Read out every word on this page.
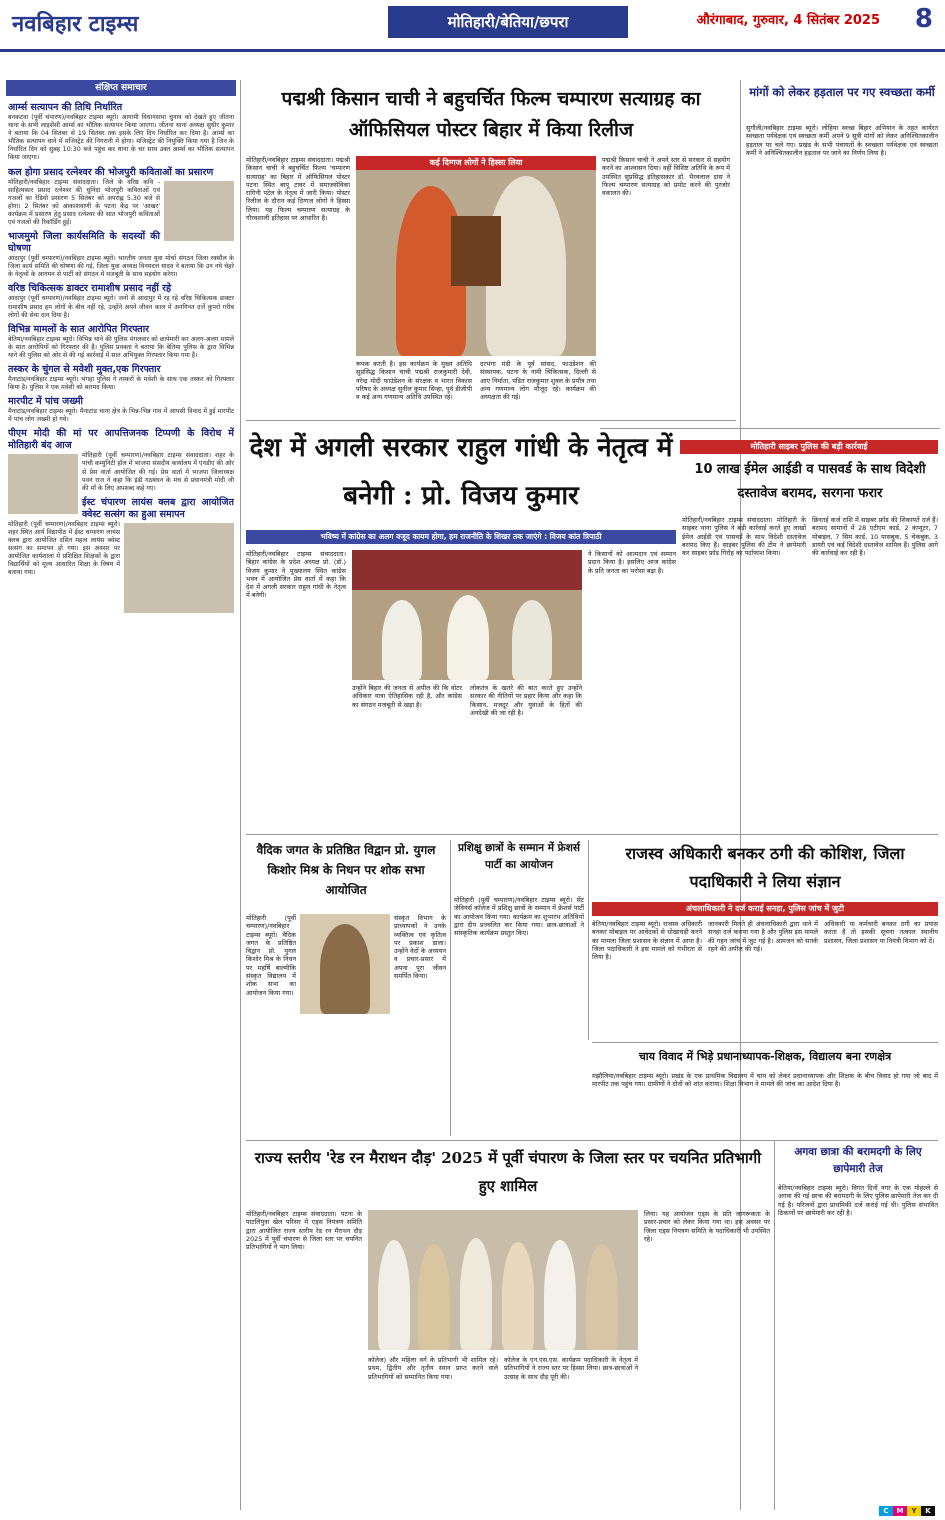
नवबिहार टाइम्स	मोतिहारी/बेतिया/छपरा	औरंगाबाद, गुरुवार, 4 सितंबर 2025 8
संक्षिप्त समाचार
आर्म्स सत्यापन की तिथि निर्धारित
बनकटवा (पूर्वी चंपारण)/नवबिहार टाइम्स ब्यूरो। आगामी विधानसभा चुनाव को देखते हुए जीतना थाना के सभी लाइसेंसी आर्म्स का भौतिक सत्यापन किया जाएगा। जीतना थाना अध्यक्ष सुधीर कुमार ने बताया कि 04 सितंबर से 19 सितंबर तक इसके लिए दिन निर्धारित कर दिया है। आर्म्स का भौतिक सत्यापन थाने में मजिस्ट्रेट की निगरानी में होगा। मजिस्ट्रेट की नियुक्ति किया गया है जिन के निर्धारित दिन को सुबह 10:30 बजे पहुंच कर थाना के चर साथ उक्त आर्म्स का भौतिक सत्यापन किया जाएगा।
कल होगा प्रसाद रत्नेश्वर की भोजपुरी कविताओं का प्रसारण
मोतिहारी/नवबिहार टाइम्स संवाददाता। जिले के वरिष्ठ कवि - साहित्यकार प्रसाद रत्नेश्वर की चुनिंदा भोजपुरी कविताओं एवं गजलों का रेडियो प्रसारण 5 सितंबर को अपराह्न 5.30 बजे से होगा। 2 सितंबर को आकाशवाणी के पटना केंद्र पर 'आखर' कार्यक्रम में प्रसारण हेतु प्रसाद रत्नेश्वर की सात भोजपुरी कविताओं एवं गजलों की रिकॉर्डिंग हुई।
भाजमुमो जिला कार्यसमिति के सदस्यों की घोषणा
आदापुर (पूर्वी चम्पारण)/नवबिहार टाइम्स ब्यूरो। भारतीय जनता युवा मोर्चा संगठन जिला रक्सौल के जिला कार्य समिति की घोषणा की गई, जिला युवा अध्यक्ष विनयदत्त यादव ने बताया कि उन नये चेहरे के नेतृत्वों के आगमन से पार्टी को संगठन में मजबूती के साथ सहयोग करेगा।
वरिष्ठ चिकित्सक डाक्टर रामाशीष प्रसाद नहीं रहे
आदापुर (पूर्वी चम्पारण)/नवबिहार टाइम्स ब्यूरो। जनों से आदापुर में रह रहे वरिष्ठ चिकित्सक डाक्टर रामाशीष प्रसाद हम लोगों के बीच नहीं रहे, उन्होंने अपने जीवन काल में अनगिनत दर्जे कुपरो गरीब लोगों की सेवा दान दिया है।
विभिन्न मामलों के सात आरोपित गिरफ्तार
बेतिया/नवबिहार टाइम्स ब्यूरो। विभिन्न थाने की पुलिस मंगलवार को छापेमारी कर अलग-अलग मामले के सात आरोपियों को गिरफ्तार की है। पुलिस प्रवक्ता ने बताया कि बेतिया पुलिस के द्वारा विभिन्न थाने की पुलिस को ओर से की गई कार्रवाई में सात अभियुक्त गिरफ्तार किया गया है।
तस्कर के चुंगल से मवेशी मुक्त,एक गिरफ्तार
मैनाटांड/नवबिहार टाइम्स ब्यूरो। भंगहा पुलिस ने तस्करों के मवेशी के साथ एक तस्कर को गिरफ्तार किया है। पुलिस ने एक मवेशी को बरामद किया।
मारपीट में पांच जख्मी
मैनाटांड/नवबिहार टाइम्स ब्यूरो। मैनाटांड थाना क्षेत्र के भिन्न-भिन्न गांव में आपसी विवाद में हुई मारपीट में पांच लोग जख्मी हो गये।
पीएम मोदी की मां पर आपत्तिजनक टिप्पणी के विरोध में मोतिहारी बंद आज
मोतिहारी (पूर्वी चम्पारण)/नवबिहार टाइम्स संवाददाता। शहर के पांची कम्युनिटी हॉल में भाजपा संसदीय कार्यालय में एनडीए की ओर से प्रेस वार्ता आयोजित की गई। प्रेस वार्ता में भाजपा जिलाध्यक्ष पवन राज ने कहा कि इंडी गठबंधन के मंच से प्रधानमंत्री मोदी जी की माँ के लिए अपशब्द कहे गए।
ईस्ट चंपारण लायंस क्लब द्वारा आयोजित क्वेस्ट सत्संग का हुआ समापन
मोतिहारी (पूर्वी चम्पारण)/नवबिहार टाइम्स ब्यूरो। शहर स्थित आर्य विद्यापीठ में ईस्ट चम्पारण लायंस क्लब द्वारा आयोजित दसिन महत्व लायंस क्वेस्ट सत्संग का समापन हो गया। इस अवसर पर आयोजित कार्यशाला में प्रशिक्षित शिक्षकों के द्वारा विद्यार्थियों को मूल्य आधारित शिक्षा के विषय में बताया गया।
पद्मश्री किसान चाची ने बहुचर्चित फिल्म चम्पारण सत्याग्रह का ऑफिसियल पोस्टर बिहार में किया रिलीज
कई दिग्गज लोगों ने हिस्सा लिया
मोतिहारी/नवबिहार टाइम्स संवाददाता। पद्मश्री किसान चाची ने बहुचर्चित फिल्म 'चम्पारण सत्याग्रह' का बिहार में ऑफिसियल पोस्टर पटना स्थित बापू टावर में समाजसेविका रागिनी पटेल के नेतृत्व में जारी किया। पोस्टर रिलीज के दौरान कई दिग्गज लोगों ने हिस्सा लिया। यह फिल्म चम्पारण सत्याग्रह के गौरवशाली इतिहास पर आधारित है।
रूपक करती है। इस कार्यक्रम के मुख्य अतिथि सुप्रसिद्ध किसान चाची पद्मश्री राजकुमारी देवी, नरेन्द्र मोदी फाउंडेशन के संरक्षक व भारत विकास परिषद के अध्यक्ष सुनील कुमार सिन्हा, पूर्व डीजीपी व कई अन्य गणमान्य अतिथि उपस्थित रहे।
दरभंगा मंडी के पूर्व सांसद, फाउंडेशन की संस्थापक, पटना के नामी चिकित्सक, दिल्ली से आए निर्माता, पंडित राजकुमार शुक्ल के प्रपौत्र तथा अन्य गणमान्य लोग मौजूद रहे। कार्यक्रम की अध्यक्षता की गई।
पद्मश्री किसान चाची ने अपने स्तर से सरकार से सहयोग करने का आश्वासन दिया। वहीं विशिष्ट अतिथि के रूप में उपस्थित सुप्रसिद्ध इतिहासकार डॉ. भैरवलाल दास ने फिल्म चम्पारण सत्याग्रह को प्रमोट करने की पुरजोर वकालत की।
मांगों को लेकर हड़ताल पर गए स्वच्छता कर्मी
सुगौली/नवबिहार टाइम्स ब्यूरो। लोहिया स्वच्छ बिहार अभियान के तहत कार्यरत स्वच्छता पर्यवेक्षक एवं स्वच्छता कर्मी अपने 9 सूत्री मांगों को लेकर अनिश्चितकालीन हड़ताल पर चले गए। प्रखंड के सभी पंचायतों के स्वच्छता पर्यवेक्षक एवं स्वच्छता कर्मी ने अनिश्चितकालीन हड़ताल पर जाने का निर्णय लिया है।
देश में अगली सरकार राहुल गांधी के नेतृत्व में बनेगी : प्रो. विजय कुमार
भविष्य में कांग्रेस का अलग वजूद कायम होगा, हम राजनीति के शिखर तक जाएंगे : विजय कांत त्रिपाठी
मोतिहारी/नवबिहार टाइम्स संवाददाता। बिहार कांग्रेस के प्रदेश अध्यक्ष प्रो. (डॉ.) विजय कुमार ने मुख्यालय स्थित कांग्रेस भवन में आयोजित प्रेस वार्ता में कहा कि देश में अगली सरकार राहुल गांधी के नेतृत्व में बनेगी।
उन्होंने बिहार की जनता से अपील की कि वोटर अधिकार यात्रा ऐतिहासिक रही है, और कांग्रेस का संगठन मजबूती से खड़ा है।
लोकतंत्र के खतरे की बात करते हुए उन्होंने सरकार की नीतियों पर प्रहार किया और कहा कि किसान, मजदूर और युवाओं के हितों की अनदेखी की जा रही है।
ने किसानों को आत्मदान एवं सम्मान प्रदान किया है। इसलिए आज कांग्रेस के प्रति जनता का भरोसा बढ़ा है।
मोतिहारी साइबर पुलिस की बड़ी कार्रवाई
10 लाख ईमेल आईडी व पासवर्ड के साथ विदेशी दस्तावेज बरामद, सरगना फरार
मोतिहारी/नवबिहार टाइम्स संवाददाता। मोतिहारी के साइबर थाना पुलिस ने बड़ी कार्रवाई करते हुए लाखों ईमेल आईडी एवं पासवर्ड के साथ विदेशी दस्तावेज बरामद किए हैं। साइबर पुलिस की टीम ने छापेमारी कर साइबर फ्रॉड गिरोह का पर्दाफाश किया।
छिनतई कर्ज राशि में साइबर फ्रॉड की शिकायतें दर्ज हैं। बरामद सामानों में 28 एटीएम कार्ड, 2 कंप्यूटर, 7 मोबाइल, 7 सिम कार्ड, 10 पासबुक, 5 चेकबुक, 3 डायरी एवं कई विदेशी दस्तावेज शामिल हैं। पुलिस आगे की कार्रवाई कर रही है।
वैदिक जगत के प्रतिष्ठित विद्वान प्रो. युगल किशोर मिश्र के निधन पर शोक सभा आयोजित
मोतिहारी (पूर्वी चम्पारण)/नवबिहार टाइम्स ब्यूरो। वैदिक जगत के प्रतिष्ठित विद्वान प्रो. युगल किशोर मिश्र के निधन पर महर्षि बाल्मीकि संस्कृत विद्यालय में शोक सभा का आयोजन किया गया।
संस्कृत विभाग के प्राध्यापकों ने उनके व्यक्तित्व एवं कृतित्व पर प्रकाश डाला। उन्होंने वेदों के अध्ययन व प्रचार-प्रसार में अपना पूरा जीवन समर्पित किया।
प्रशिक्षु छात्रों के सम्मान में फ्रेशर्स पार्टी का आयोजन
मोतिहारी (पूर्वी चम्पारण)/नवबिहार टाइम्स ब्यूरो। सेंट जेवियर्स कॉलेज में प्रशिक्षु छात्रों के सम्मान में फ्रेशर्स पार्टी का आयोजन किया गया। कार्यक्रम का शुभारंभ अतिथियों द्वारा दीप प्रज्वलित कर किया गया। छात्र-छात्राओं ने सांस्कृतिक कार्यक्रम प्रस्तुत किए।
राजस्व अधिकारी बनकर ठगी की कोशिश, जिला पदाधिकारी ने लिया संज्ञान
अंचलाधिकारी ने दर्ज कराई सनहा, पुलिस जांच में जुटी
बेतिया/नवबिहार टाइम्स ब्यूरो। राजस्व अधिकारी बनकर मोबाइल पर आवेदकों से धोखाधड़ी करने का मामला जिला प्रशासन के संज्ञान में आया है। जिला पदाधिकारी ने इस मामले को गंभीरता से लिया है।
जानकारी मिलते ही अंचलाधिकारी द्वारा थाने में सनहा दर्ज कराया गया है और पुलिस इस मामले की गहन जांच में जुट गई है। आमजन को सतर्क रहने की अपील की गई।
अधिकारी या कर्मचारी बनकर ठगी का प्रयास करता है तो इसकी सूचना तत्काल स्थानीय प्रशासन, जिला प्रशासन या नियंत्री विभाग को दें।
चाय विवाद में भिड़े प्रधानाध्यापक-शिक्षक, विद्यालय बना रणक्षेत्र
मझौलिया/नवबिहार टाइम्स ब्यूरो। प्रखंड के एक प्राथमिक विद्यालय में चाय को लेकर प्रधानाध्यापक और शिक्षक के बीच विवाद हो गया जो बाद में मारपीट तक पहुंच गया। ग्रामीणों ने दोनों को शांत कराया। शिक्षा विभाग ने मामले की जांच का आदेश दिया है।
राज्य स्तरीय 'रेड रन मैराथन दौड़' 2025 में पूर्वी चंपारण के जिला स्तर पर चयनित प्रतिभागी हुए शामिल
मोतिहारी/नवबिहार टाइम्स संवाददाता। पटना के पाटलिपुत्रा खेल परिसर में एड्स नियंत्रण समिति द्वारा आयोजित राज्य स्तरीय रेड रन मैराथन दौड़ 2025 में पूर्वी चंपारण से जिला स्तर पर चयनित प्रतिभागियों ने भाग लिया।
कॉलेज) और महिला वर्ग के प्रतिभागी भी शामिल रहे। प्रथम, द्वितीय और तृतीय स्थान प्राप्त करने वाले प्रतिभागियों को सम्मानित किया गया।
कॉलेज के एन.एस.एस. कार्यक्रम पदाधिकारी के नेतृत्व में प्रतिभागियों ने राज्य स्तर पर हिस्सा लिया। छात्र-छात्राओं ने उत्साह के साथ दौड़ पूरी की।
लिया। यह आयोजन एड्स के प्रति जागरूकता के प्रसार-प्रचार को लेकर किया गया था। इस अवसर पर जिला एड्स नियंत्रण समिति के पदाधिकारी भी उपस्थित रहे।
अगवा छात्रा की बरामदगी के लिए छापेमारी तेज
बेतिया/नवबिहार टाइम्स ब्यूरो। विगत दिनों नगर के एक मोहल्ले से अगवा की गई छात्रा की बरामदगी के लिए पुलिस छापेमारी तेज कर दी गई है। परिजनों द्वारा प्राथमिकी दर्ज कराई गई थी। पुलिस संभावित ठिकानों पर छापेमारी कर रही है।
C	M	Y	K
